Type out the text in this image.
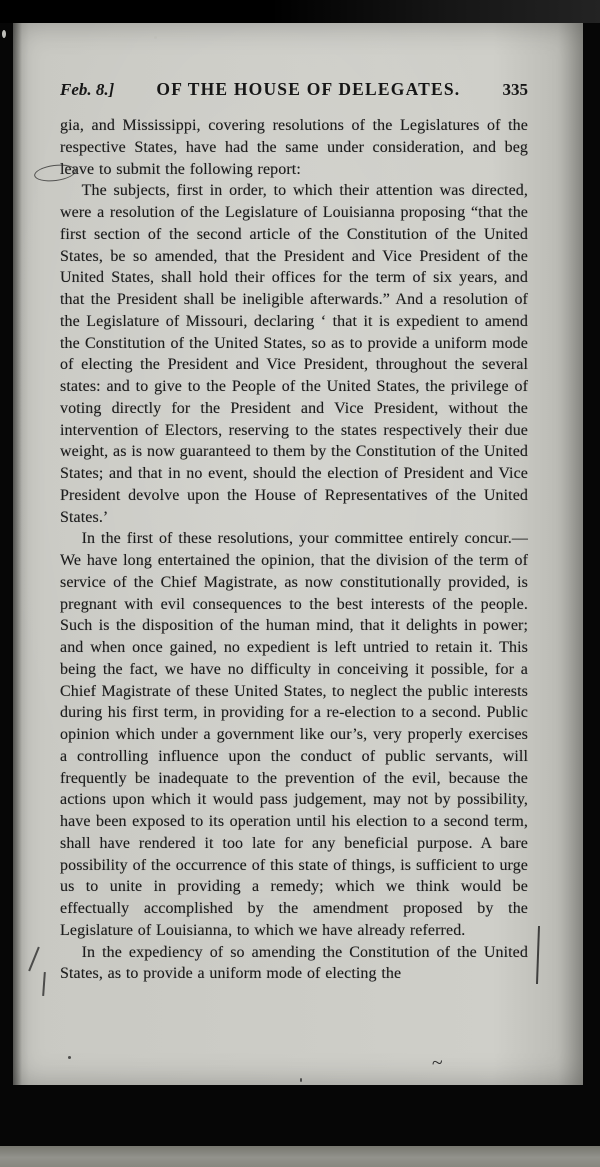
Feb. 8.] OF THE HOUSE OF DELEGATES. 335

gia, and Mississippi, covering resolutions of the Legislatures of the respective States, have had the same under consideration, and beg leave to submit the following report:

The subjects, first in order, to which their attention was directed, were a resolution of the Legislature of Louisianna proposing “that the first section of the second article of the Constitution of the United States, be so amended, that the President and Vice President of the United States, shall hold their offices for the term of six years, and that the President shall be ineligible afterwards.” And a resolution of the Legislature of Missouri, declaring ‘ that it is expedient to amend the Constitution of the United States, so as to provide a uniform mode of electing the President and Vice President, throughout the several states: and to give to the People of the United States, the privilege of voting directly for the President and Vice President, without the intervention of Electors, reserving to the states respectively their due weight, as is now guaranteed to them by the Constitution of the United States; and that in no event, should the election of President and Vice President devolve upon the House of Representatives of the United States.’

In the first of these resolutions, your committee entirely concur.—We have long entertained the opinion, that the division of the term of service of the Chief Magistrate, as now constitutionally provided, is pregnant with evil consequences to the best interests of the people. Such is the disposition of the human mind, that it delights in power; and when once gained, no expedient is left untried to retain it. This being the fact, we have no difficulty in conceiving it possible, for a Chief Magistrate of these United States, to neglect the public interests during his first term, in providing for a re-election to a second. Public opinion which under a government like our’s, very properly exercises a controlling influence upon the conduct of public servants, will frequently be inadequate to the prevention of the evil, because the actions upon which it would pass judgement, may not by possibility, have been exposed to its operation until his election to a second term, shall have rendered it too late for any beneficial purpose. A bare possibility of the occurrence of this state of things, is sufficient to urge us to unite in providing a remedy; which we think would be effectually accomplished by the amendment proposed by the Legislature of Louisianna, to which we have already referred.

In the expediency of so amending the Constitution of the United States, as to provide a uniform mode of electing the

~
